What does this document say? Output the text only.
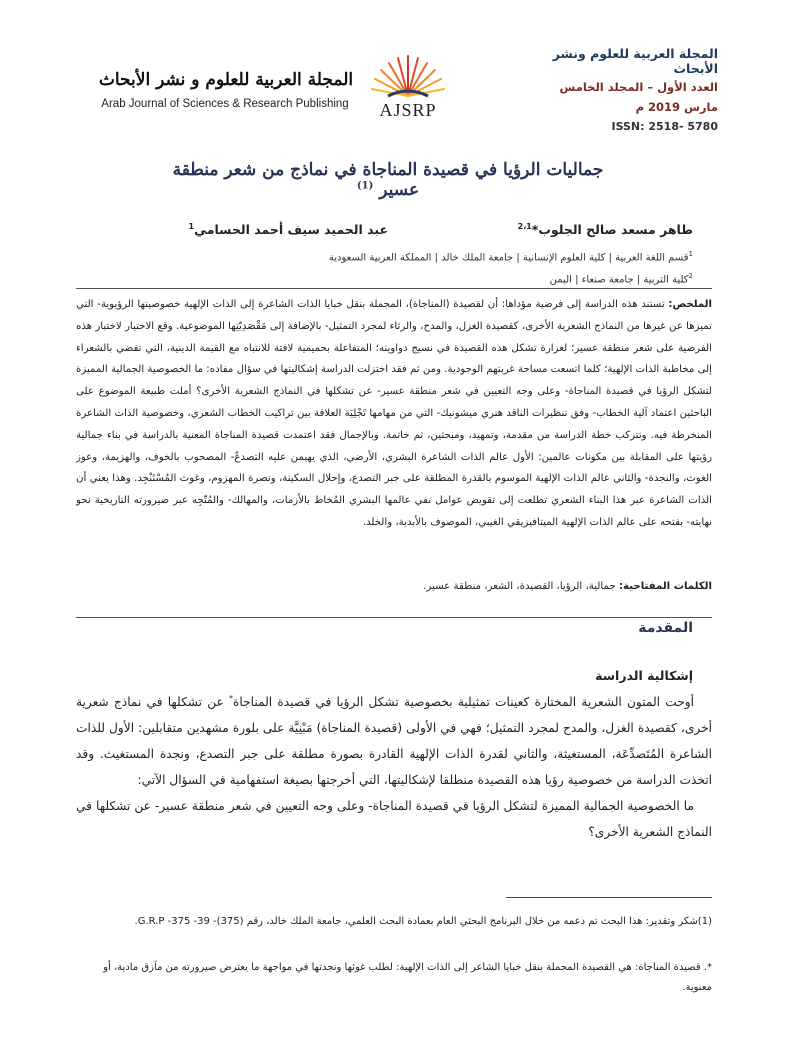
المجلة العربية للعلوم ونشر الأبحاث

العدد الأول – المجلد الخامس

مارس 2019 م

ISSN: 2518- 5780

AJSRP
المجلة العربية للعلوم و نشر الأبحاث
Arab Journal of Sciences & Research Publishing
جماليات الرؤيا في قصيدة المناجاة في نماذج من شعر منطقة عسير $^{(1)}$
طاهر مسعد صالح الجلوب*$^{2،1}$
عبد الحميد سيف أحمد الحسامي$^1$
$^1$قسم اللغة العربية | كلية العلوم الإنسانية | جامعة الملك خالد | المملكة العربية السعودية
$^2$كلية التربية | جامعة صنعاء | اليمن
الملخص: تستند هذه الدراسة إلى فرضية مؤداها: أن لقصيدة (المناجاة)، المجملة بنقل خبايا الذات الشاعرة إلى الذات الإلهية خصوصيتها الرؤيوية- التي تميزها عن غيرها من النماذج الشعرية الأخرى، كقصيدة الغزل، والمدح، والرثاء لمجرد التمثيل- بالإضافة إلى مَقْصَدِيّتِها الموضوعية. وقع الاختيار لاختبار هذه الفرضية على شعر منطقة عسير؛ لغزارة تشكل هذه القصيدة في نسيج دواوينه؛ المتفاعلة بحميمية لافتة للانتباه مع القيمة الدينية، التي تفضي بالشعراء إلى مخاطبة الذات الإلهية؛ كلما اتسعت مساحة غربتهم الوجودية. ومن ثم فقد اختزلت الدراسة إشكاليتها في سؤال مفاده: ما الخصوصية الجمالية المميزة لتشكل الرؤيا في قصيدة المناجاة- وعلى وجه التعيين في شعر منطقة عسير- عن تشكلها في النماذج الشعرية الأخرى؟ أملت طبيعة الموضوع على الباحثين اعتماد آلية الخطاب- وفق تنظيرات الناقد هنري ميشونيك- التي من مهامها تَجْلِيَة العلاقة بين تراكيب الخطاب الشعري، وخصوصية الذات الشاعرة المنخرطة فيه. وتتركب خطة الدراسة من مقدمة، وتمهيد، ومبحثين، ثم خاتمة. وبالإجمال فقد اعتمدت قصيدة المناجاة المعنية بالدراسة في بناء جمالية رؤيتها على المقابلة بين مكونات عالمين: الأول عالم الذات الشاعرة البشري، الأرضي، الذي يهيمن عليه التصدعُ- المصحوب بالخوف، والهزيمة، وعوز الغوث، والنجدة- والثاني عالم الذات الإلهية الموسوم بالقدرة المطلقة على جبر التصدع، وإحلال السكينة، ونصرة المهزوم، وغوث المُسْتَنْجِد. وهذا يعني أن الذات الشاعرة عبر هذا البناء الشعري تطلعت إلى تقويض عوامل نفي عالمها البشري المُخاط بالأزمات، والمهالك- والمُتّجِه عبر صيرورته التاريخية نحو نهايته- بفتحه على عالم الذات الإلهية الميتافيزيقي الغيبي، الموصوف بالأبدية، والخلد.
الكلمات المفتاحية: جمالية، الرؤيا، القصيدة، الشعر، منطقة عسير.
المقدمة
إشكالية الدراسة

أوحت المتون الشعرية المختارة كعينات تمثيلية بخصوصية تشكل الرؤيا في قصيدة المناجاة* عن تشكلها في نماذج شعرية أخرى، كقصيدة الغزل، والمدح لمجرد التمثيل؛ فهي في الأولى (قصيدة المناجاة) مَبْنِيَّة على بلورة مشهدين متقابلين: الأول للذات الشاعرة المُتَصدِّعَة، المستغيثة، والثاني لقدرة الذات الإلهية القادرة بصورة مطلقة على جبر التصدع، ونجدة المستغيث. وقد اتخذت الدراسة من خصوصية رؤيا هذه القصيدة منطلقا لإشكاليتها، التي أخرجتها بصيغة استفهامية في السؤال الآتي:

ما الخصوصية الجمالية المميزة لتشكل الرؤيا في قصيدة المناجاة- وعلى وجه التعيين في شعر منطقة عسير- عن تشكلها في النماذج الشعرية الأخرى؟

(1)شكر وتقدير: هذا البحث تم دعمه من خلال البرنامج البحثي العام بعمادة البحث العلمي، جامعة الملك خالد، رقم (375)- 39- 375- G.R.P.
*. قصيدة المناجاة: هي القصيدة المجملة بنقل خبايا الشاعر إلى الذات الإلهية: لطلب غوثها ونجدتها في مواجهة ما يعترض صيرورته من مآزق مادية، أو معنوية.
